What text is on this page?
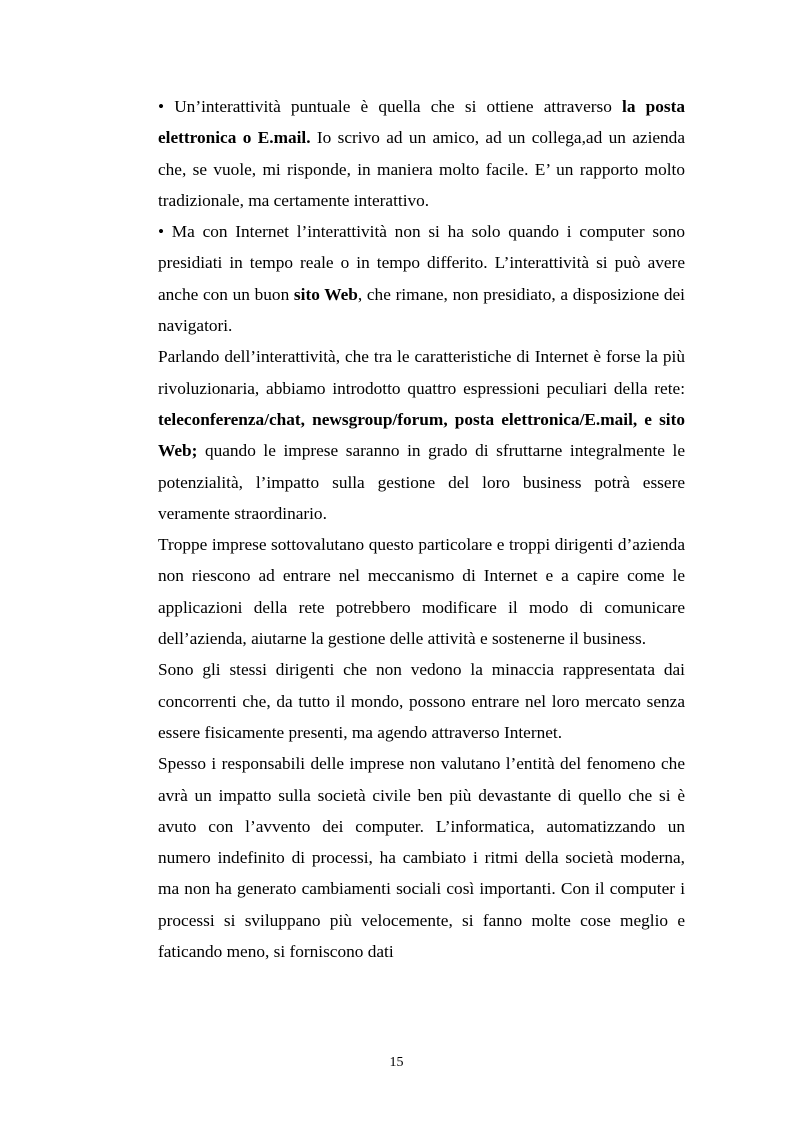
• Un’interattività puntuale è quella che si ottiene attraverso la posta elettronica o E.mail. Io scrivo ad un amico, ad un collega,ad un azienda che, se vuole, mi risponde, in maniera molto facile. E’ un rapporto molto tradizionale, ma certamente interattivo.

• Ma con Internet l’interattività non si ha solo quando i computer sono presidiati in tempo reale o in tempo differito. L’interattività si può avere anche con un buon sito Web, che rimane, non presidiato, a disposizione dei navigatori.

Parlando dell’interattività, che tra le caratteristiche di Internet è forse la più rivoluzionaria, abbiamo introdotto quattro espressioni peculiari della rete: teleconferenza/chat, newsgroup/forum, posta elettronica/E.mail, e sito Web; quando le imprese saranno in grado di sfruttarne integralmente le potenzialità, l’impatto sulla gestione del loro business potrà essere veramente straordinario.

Troppe imprese sottovalutano questo particolare e troppi dirigenti d’azienda non riescono ad entrare nel meccanismo di Internet e a capire come le applicazioni della rete potrebbero modificare il modo di comunicare dell’azienda, aiutarne la gestione delle attività e sostenerne il business.

Sono gli stessi dirigenti che non vedono la minaccia rappresentata dai concorrenti che, da tutto il mondo, possono entrare nel loro mercato senza essere fisicamente presenti, ma agendo attraverso Internet.

Spesso i responsabili delle imprese non valutano l’entità del fenomeno che avrà un impatto sulla società civile ben più devastante di quello che si è avuto con l’avvento dei computer. L’informatica, automatizzando un numero indefinito di processi, ha cambiato i ritmi della società moderna, ma non ha generato cambiamenti sociali così importanti. Con il computer i processi si sviluppano più velocemente, si fanno molte cose meglio e faticando meno, si forniscono dati

15
